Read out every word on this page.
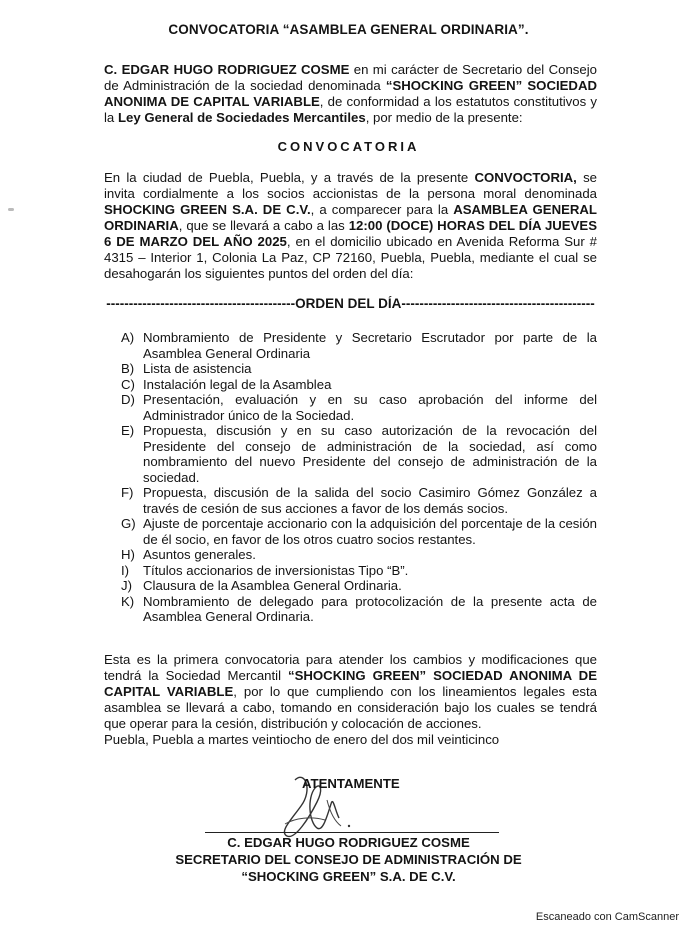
CONVOCATORIA “ASAMBLEA GENERAL ORDINARIA”.
C. EDGAR HUGO RODRIGUEZ COSME en mi carácter de Secretario del Consejo de Administración de la sociedad denominada “SHOCKING GREEN” SOCIEDAD ANONIMA DE CAPITAL VARIABLE, de conformidad a los estatutos constitutivos y la Ley General de Sociedades Mercantiles, por medio de la presente:
CONVOCATORIA
En la ciudad de Puebla, Puebla, y a través de la presente CONVOCTORIA, se invita cordialmente a los socios accionistas de la persona moral denominada SHOCKING GREEN S.A. DE C.V., a comparecer para la ASAMBLEA GENERAL ORDINARIA, que se llevará a cabo a las 12:00 (DOCE) HORAS DEL DÍA JUEVES 6 DE MARZO DEL AÑO 2025, en el domicilio ubicado en Avenida Reforma Sur # 4315 – Interior 1, Colonia La Paz, CP 72160, Puebla, Puebla, mediante el cual se desahogarán los siguientes puntos del orden del día:
------------------------------------------ORDEN DEL DÍA-------------------------------------------
A) Nombramiento de Presidente y Secretario Escrutador por parte de la Asamblea General Ordinaria
B) Lista de asistencia
C) Instalación legal de la Asamblea
D) Presentación, evaluación y en su caso aprobación del informe del Administrador único de la Sociedad.
E) Propuesta, discusión y en su caso autorización de la revocación del Presidente del consejo de administración de la sociedad, así como nombramiento del nuevo Presidente del consejo de administración de la sociedad.
F) Propuesta, discusión de la salida del socio Casimiro Gómez González a través de cesión de sus acciones a favor de los demás socios.
G) Ajuste de porcentaje accionario con la adquisición del porcentaje de la cesión de él socio, en favor de los otros cuatro socios restantes.
H) Asuntos generales.
I)	Títulos accionarios de inversionistas Tipo “B”.
J) Clausura de la Asamblea General Ordinaria.
K) Nombramiento de delegado para protocolización de la presente acta de Asamblea General Ordinaria.
Esta es la primera convocatoria para atender los cambios y modificaciones que tendrá la Sociedad Mercantil “SHOCKING GREEN” SOCIEDAD ANONIMA DE CAPITAL VARIABLE, por lo que cumpliendo con los lineamientos legales esta asamblea se llevará a cabo, tomando en consideración bajo los cuales se tendrá que operar para la cesión, distribución y colocación de acciones.
Puebla, Puebla a martes veintiocho de enero del dos mil veinticinco
ATENTAMENTE
C. EDGAR HUGO RODRIGUEZ COSME
SECRETARIO DEL CONSEJO DE ADMINISTRACIÓN DE
“SHOCKING GREEN” S.A. DE C.V.
Escaneado con CamScanner
